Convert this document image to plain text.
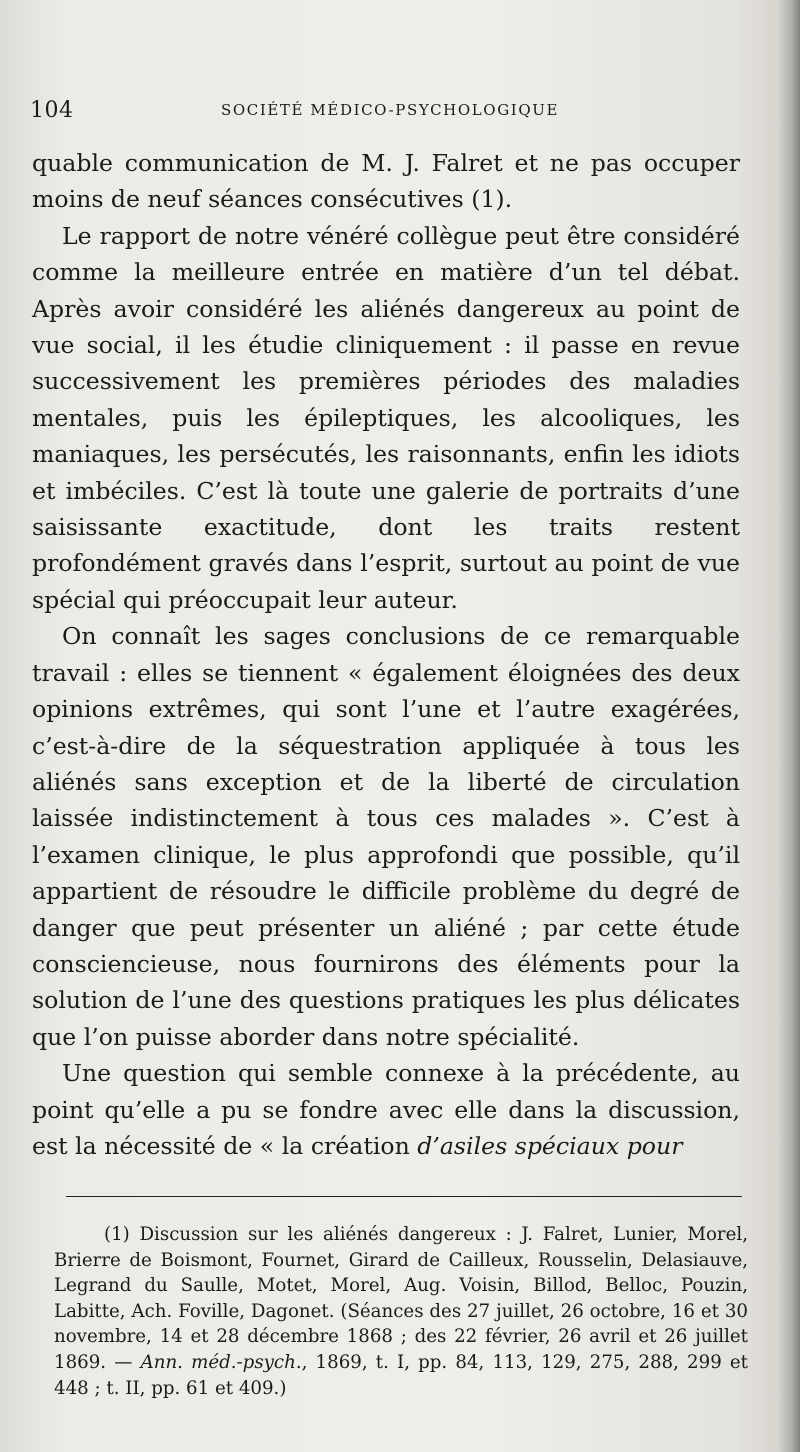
104	SOCIÉTÉ MÉDICO-PSYCHOLOGIQUE

quable communication de M. J. Falret et ne pas occuper moins de neuf séances consécutives (1).

Le rapport de notre vénéré collègue peut être considéré comme la meilleure entrée en matière d’un tel débat. Après avoir considéré les aliénés dangereux au point de vue social, il les étudie cliniquement : il passe en revue successivement les premières périodes des maladies mentales, puis les épileptiques, les alcooliques, les maniaques, les persécutés, les raisonnants, enfin les idiots et imbéciles. C’est là toute une galerie de portraits d’une saisissante exactitude, dont les traits restent profondément gravés dans l’esprit, surtout au point de vue spécial qui préoccupait leur auteur.

On connaît les sages conclusions de ce remarquable travail : elles se tiennent « également éloignées des deux opinions extrêmes, qui sont l’une et l’autre exagérées, c’est-à-dire de la séquestration appliquée à tous les aliénés sans exception et de la liberté de circulation laissée indistinctement à tous ces malades ». C’est à l’examen clinique, le plus approfondi que possible, qu’il appartient de résoudre le difficile problème du degré de danger que peut présenter un aliéné ; par cette étude consciencieuse, nous fournirons des éléments pour la solution de l’une des questions pratiques les plus délicates que l’on puisse aborder dans notre spécialité.

Une question qui semble connexe à la précédente, au point qu’elle a pu se fondre avec elle dans la discussion, est la nécessité de « la création d’asiles spéciaux pour

(1) Discussion sur les aliénés dangereux : J. Falret, Lunier, Morel, Brierre de Boismont, Fournet, Girard de Cailleux, Rousselin, Delasiauve, Legrand du Saulle, Motet, Morel, Aug. Voisin, Billod, Belloc, Pouzin, Labitte, Ach. Foville, Dagonet. (Séances des 27 juillet, 26 octobre, 16 et 30 novembre, 14 et 28 décembre 1868 ; des 22 février, 26 avril et 26 juillet 1869. — Ann. méd.-psych., 1869, t. I, pp. 84, 113, 129, 275, 288, 299 et 448 ; t. II, pp. 61 et 409.)
